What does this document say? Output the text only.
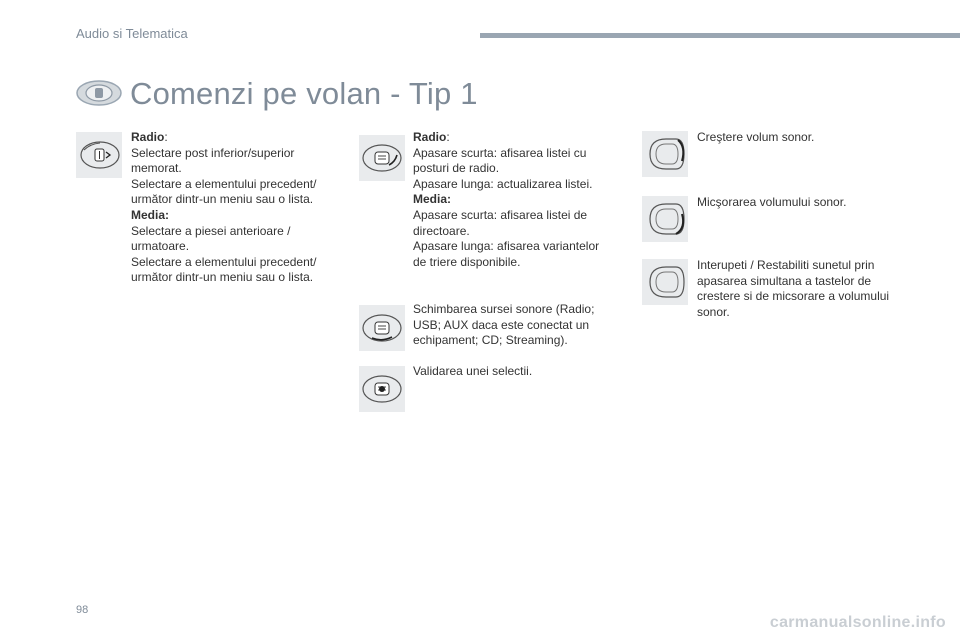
Audio si Telematica
Comenzi pe volan - Tip 1
Radio:
Selectare post inferior/superior
memorat.
Selectare a elementului precedent/
următor dintr-un meniu sau o lista.
Media:
Selectare a piesei anterioare /
urmatoare.
Selectare a elementului precedent/
următor dintr-un meniu sau o lista.
Radio:
Apasare scurta: afisarea listei cu
posturi de radio.
Apasare lunga: actualizarea listei.
Media:
Apasare scurta: afisarea listei de
directoare.
Apasare lunga: afisarea variantelor
de triere disponibile.
Schimbarea sursei sonore (Radio;
USB; AUX daca este conectat un
echipament; CD; Streaming).
Validarea unei selectii.
Creştere volum sonor.
Micşorarea volumului sonor.
Interupeti / Restabiliti sunetul prin
apasarea simultana a tastelor de
crestere si de micsorare a volumului
sonor.
98
carmanualsonline.info
